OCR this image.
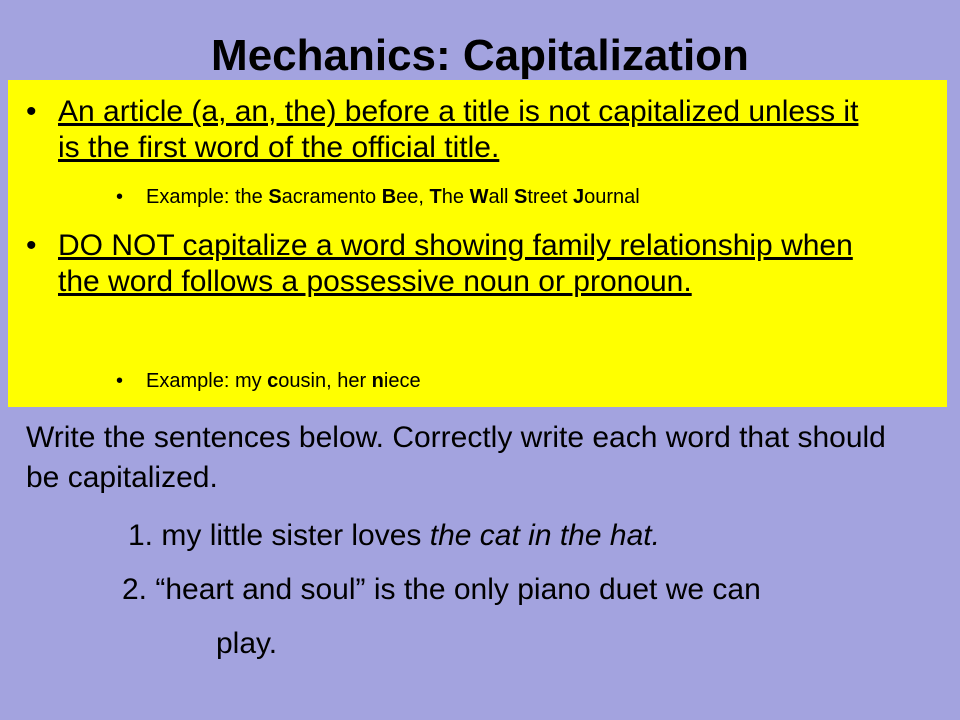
Mechanics: Capitalization
• An article (a, an, the) before a title is not capitalized unless it is the first word of the official title.
• Example: the Sacramento Bee, The Wall Street Journal
• DO NOT capitalize a word showing family relationship when the word follows a possessive noun or pronoun.
• Example: my cousin, her niece
Write the sentences below. Correctly write each word that should be capitalized.
1. my little sister loves the cat in the hat.
2. “heart and soul” is the only piano duet we can
play.
